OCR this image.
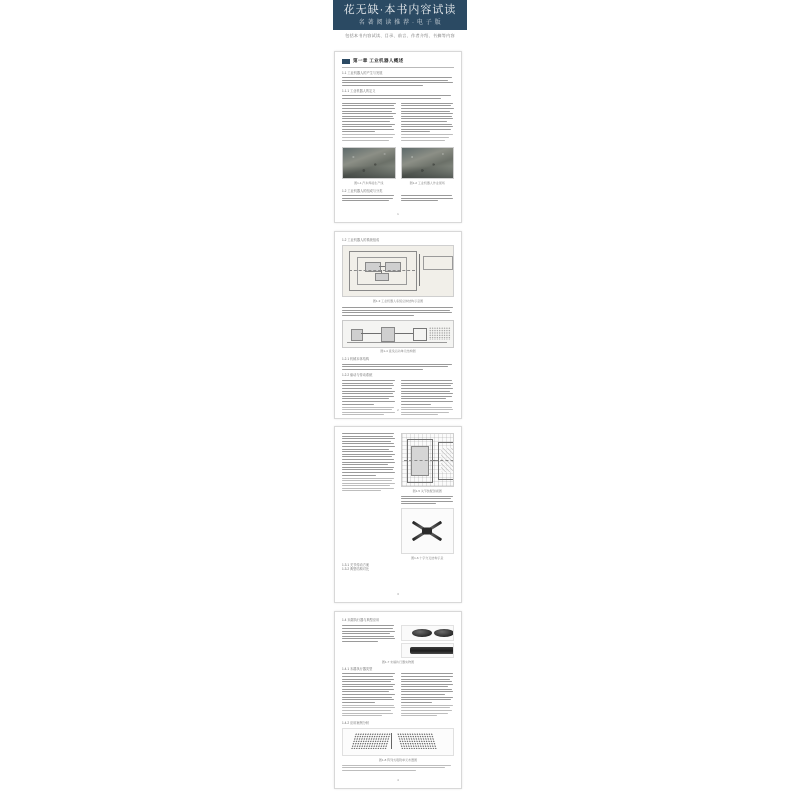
花无缺·本书内容试读
名 著 阅 读 推 荐 · 电 子 版
包括本书内容试读、目录、前言、作者介绍、书摘等内容
第一章 工业机器人概述
1.1 工业机器人的产生与发展
1.1.1 工业机器人的定义
图1-1 汽车焊接生产线	图1-2 工业机器人作业现场
1.2 工业机器人的组成与分类
1
1.2 工业机器人的系统组成
图1-3 工业机器人系统总体结构示意图
图1-4 直线运动单元结构图
1.2.1 机械本体结构
1.2.2 驱动与传动系统
2
图1-5 关节装配剖视图
图1-6 十字交叉结构示意
1.3.1 关节传动方案
1.3.2 典型结构对比
3
1.4 末端执行器与典型应用
图1-7 末端执行器实物图
1.4.1 末端执行器类型
1.4.2 应用案例分析
图1-8 阵列式吸附单元布置图
4
